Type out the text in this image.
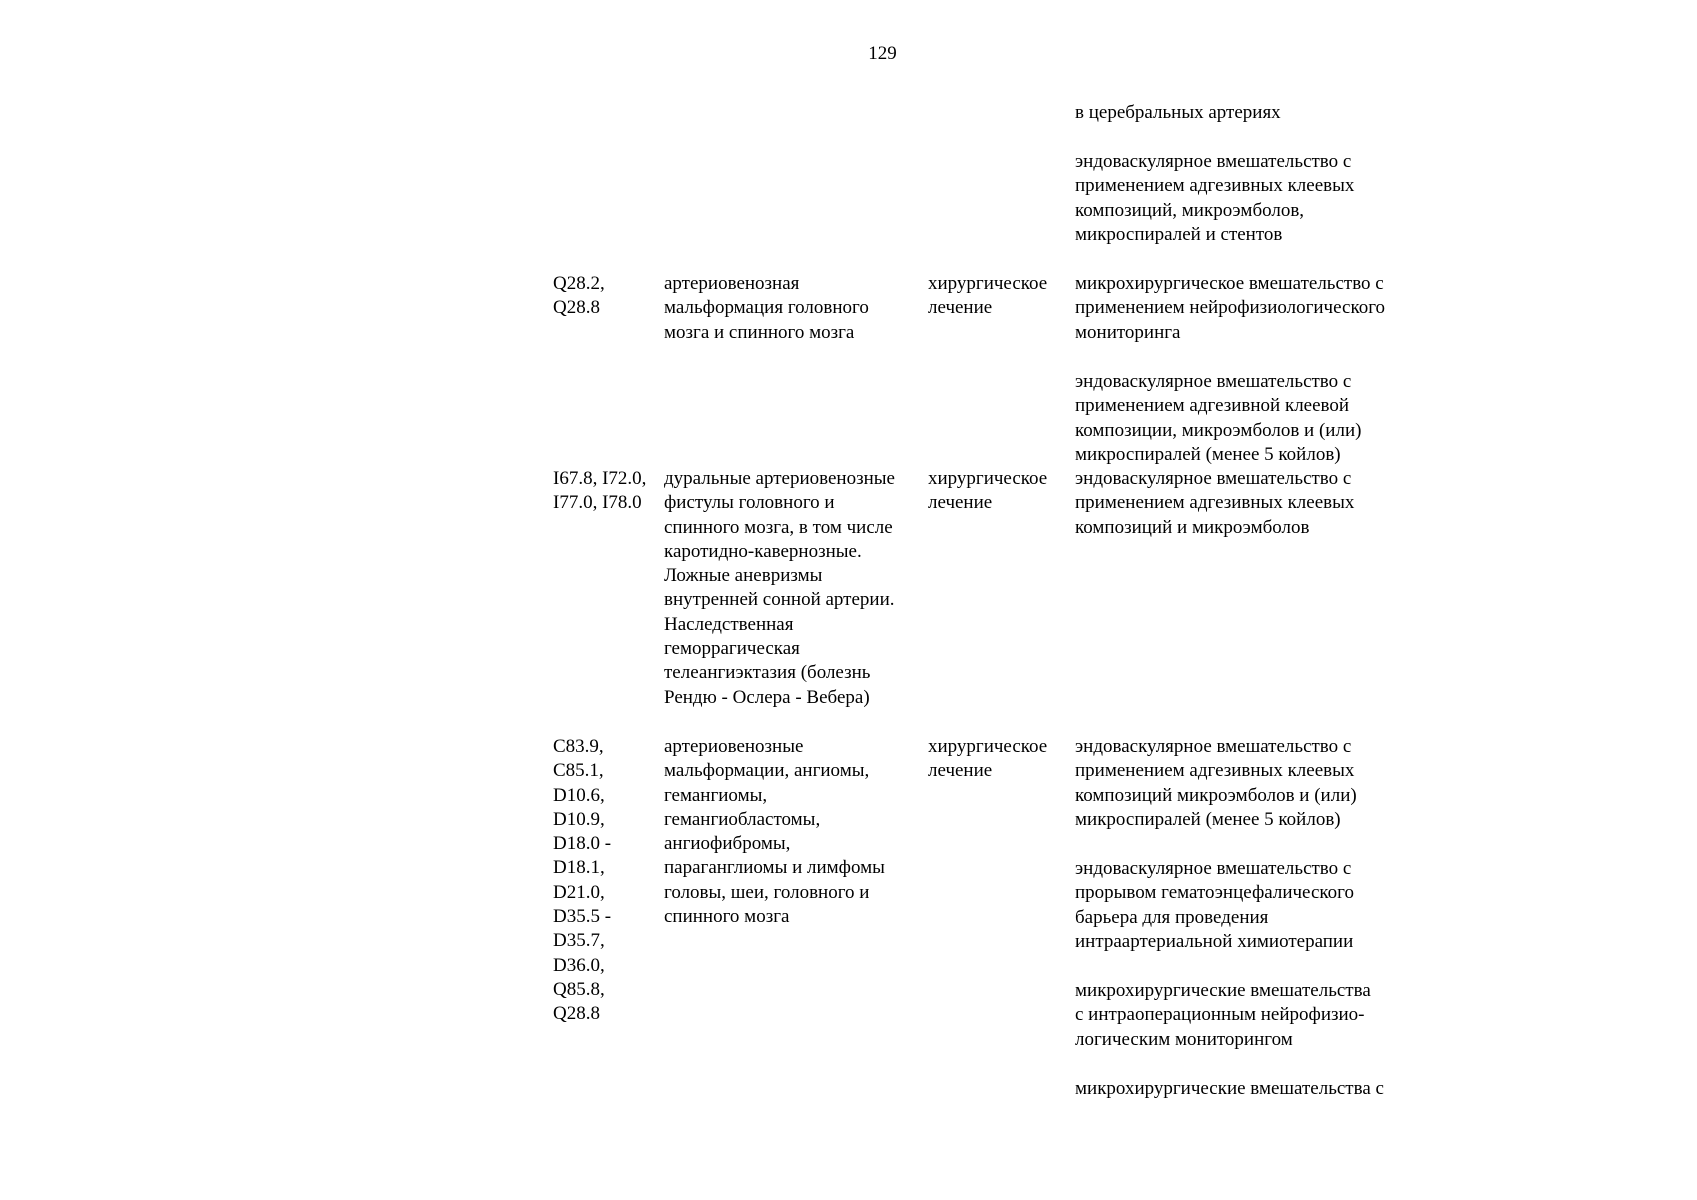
129
в церебральных артериях
эндоваскулярное вмешательство с
применением адгезивных клеевых
композиций, микроэмболов,
микроспиралей и стентов
Q28.2,
Q28.8
артериовенозная
мальформация головного
мозга и спинного мозга
хирургическое
лечение
микрохирургическое вмешательство с
применением нейрофизиологического
мониторинга
эндоваскулярное вмешательство с
применением адгезивной клеевой
композиции, микроэмболов и (или)
микроспиралей (менее 5 койлов)
I67.8, I72.0,
I77.0, I78.0
дуральные артериовенозные
фистулы головного и
спинного мозга, в том числе
каротидно-кавернозные.
Ложные аневризмы
внутренней сонной артерии.
Наследственная
геморрагическая
телеангиэктазия (болезнь
Рендю - Ослера - Вебера)
хирургическое
лечение
эндоваскулярное вмешательство с
применением адгезивных клеевых
композиций и микроэмболов
C83.9,
C85.1,
D10.6,
D10.9,
D18.0 -
D18.1,
D21.0,
D35.5 -
D35.7,
D36.0,
Q85.8,
Q28.8
артериовенозные
мальформации, ангиомы,
гемангиомы,
гемангиобластомы,
ангиофибромы,
параганглиомы и лимфомы
головы, шеи, головного и
спинного мозга
хирургическое
лечение
эндоваскулярное вмешательство с
применением адгезивных клеевых
композиций микроэмболов и (или)
микроспиралей (менее 5 койлов)
эндоваскулярное вмешательство с
прорывом гематоэнцефалического
барьера для проведения
интраартериальной химиотерапии
микрохирургические вмешательства
с интраоперационным нейрофизио-
логическим мониторингом
микрохирургические вмешательства с
